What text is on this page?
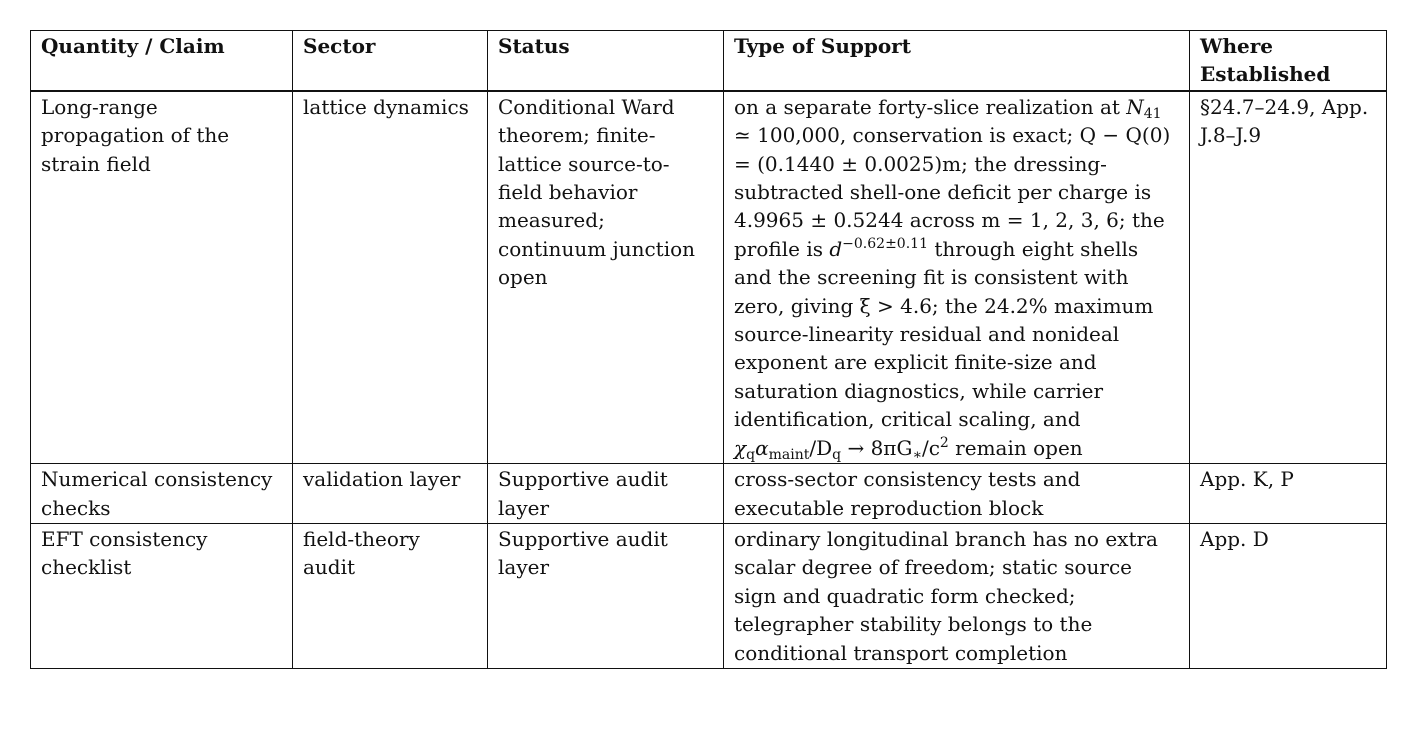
Quantity / Claim	Sector	Status	Type of Support	Where Established
Long-range propagation of the strain field	lattice dynamics	Conditional Ward theorem; finite-lattice source-to-field behavior measured; continuum junction open	on a separate forty-slice realization at $N_{41}$ ≃ 100,000, conservation is exact; Q − Q(0) = (0.1440 ± 0.0025)m; the dressing-subtracted shell-one deficit per charge is 4.9965 ± 0.5244 across m = 1, 2, 3, 6; the profile is $d^{-0.62\pm 0.11}$ through eight shells and the screening fit is consistent with zero, giving ξ > 4.6; the 24.2% maximum source-linearity residual and nonideal exponent are explicit finite-size and saturation diagnostics, while carrier identification, critical scaling, and $\chi_q\alpha_{maint}/D_q \to 8\pi G_∗/c^2$ remain open	§24.7–24.9, App. J.8–J.9
Numerical consistency checks	validation layer	Supportive audit layer	cross-sector consistency tests and executable reproduction block	App. K, P
EFT consistency checklist	field-theory audit	Supportive audit layer	ordinary longitudinal branch has no extra scalar degree of freedom; static source sign and quadratic form checked; telegrapher stability belongs to the conditional transport completion	App. D
